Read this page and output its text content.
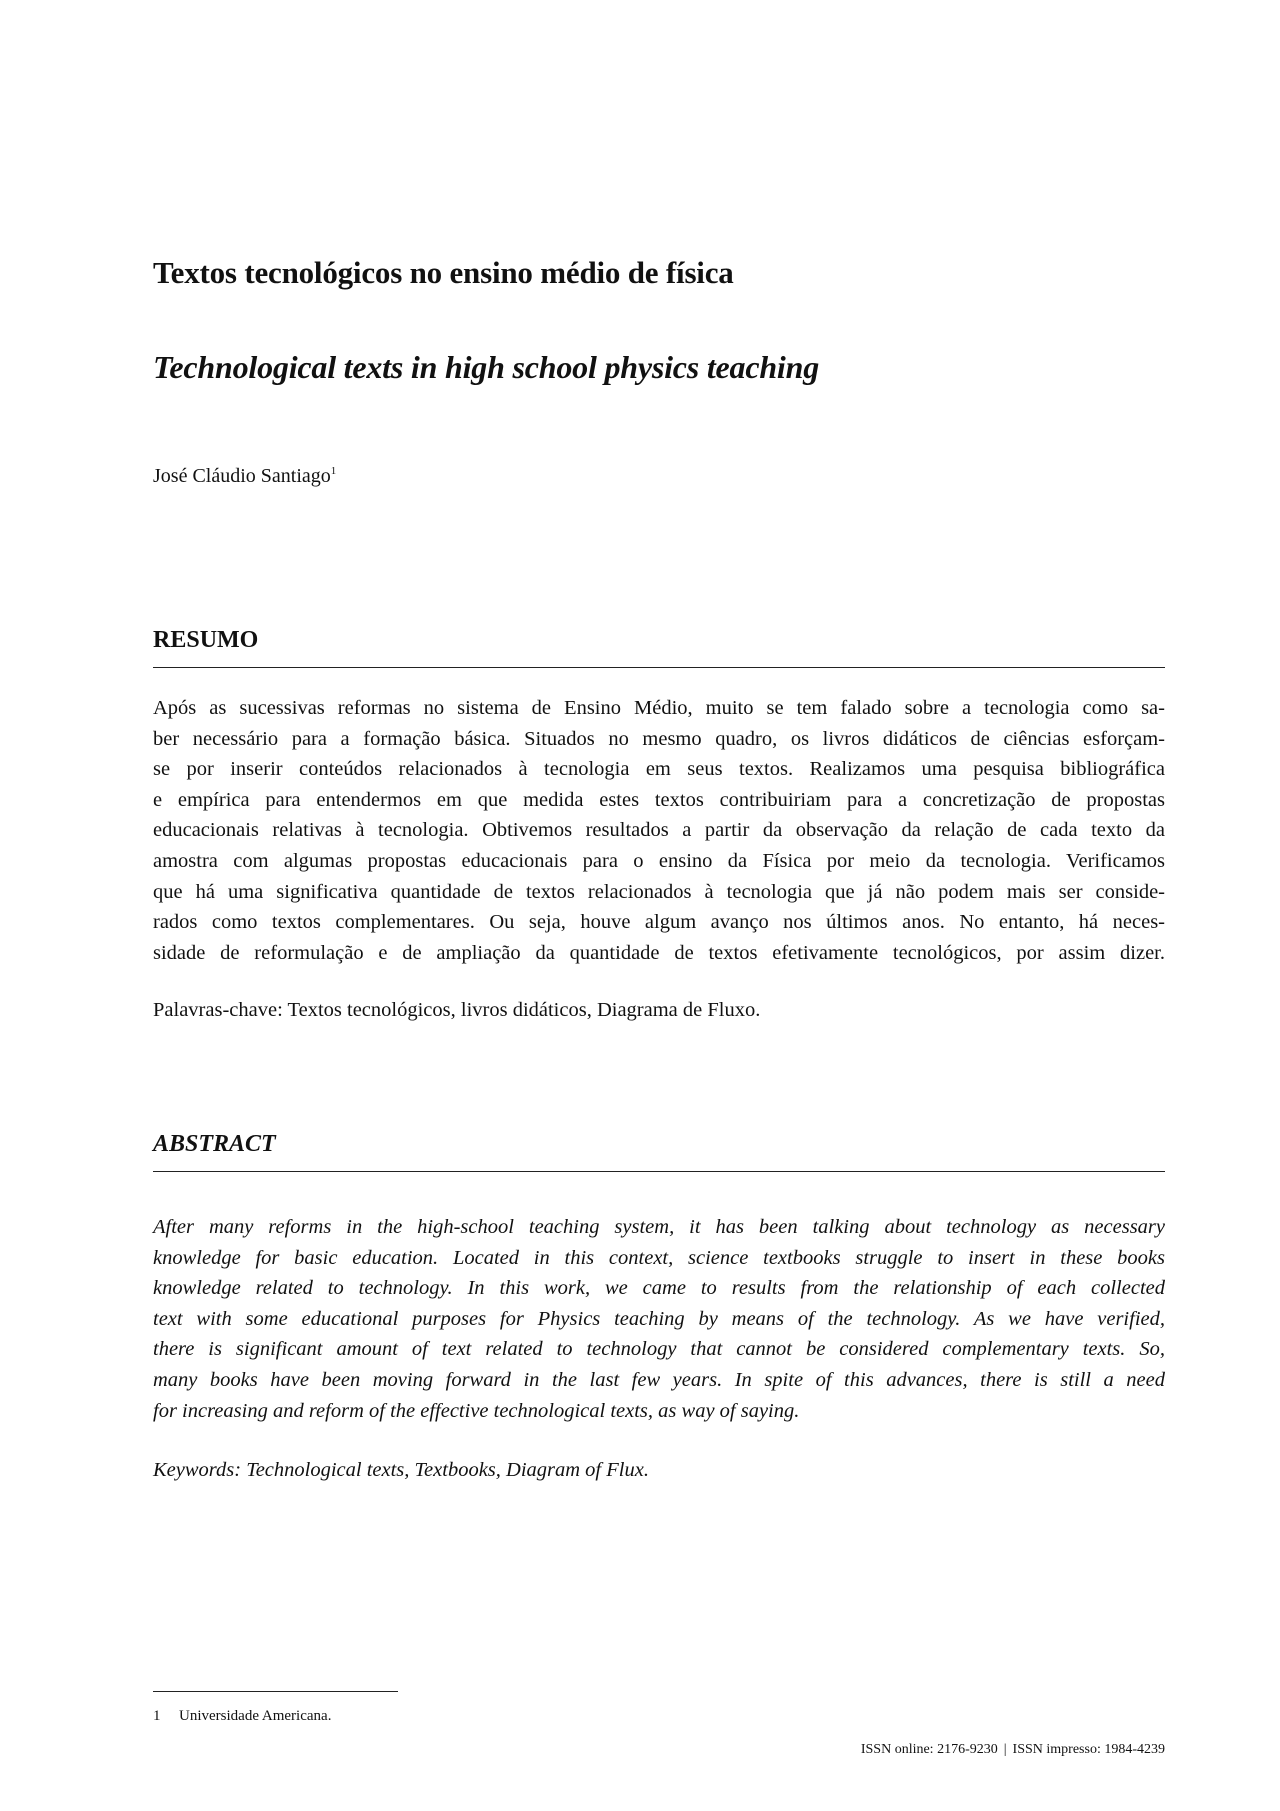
Textos tecnológicos no ensino médio de física
Technological texts in high school physics teaching
José Cláudio Santiago$^1$
RESUMO
Após as sucessivas reformas no sistema de Ensino Médio, muito se tem falado sobre a tecnologia como sa-
ber necessário para a formação básica. Situados no mesmo quadro, os livros didáticos de ciências esforçam-
se por inserir conteúdos relacionados à tecnologia em seus textos. Realizamos uma pesquisa bibliográfica
e empírica para entendermos em que medida estes textos contribuiriam para a concretização de propostas
educacionais relativas à tecnologia. Obtivemos resultados a partir da observação da relação de cada texto da
amostra com algumas propostas educacionais para o ensino da Física por meio da tecnologia. Verificamos
que há uma significativa quantidade de textos relacionados à tecnologia que já não podem mais ser conside-
rados como textos complementares. Ou seja, houve algum avanço nos últimos anos. No entanto, há neces-
sidade de reformulação e de ampliação da quantidade de textos efetivamente tecnológicos, por assim dizer.
Palavras-chave: Textos tecnológicos, livros didáticos, Diagrama de Fluxo.
ABSTRACT
After many reforms in the high-school teaching system, it has been talking about technology as necessary
knowledge for basic education. Located in this context, science textbooks struggle to insert in these books
knowledge related to technology. In this work, we came to results from the relationship of each collected
text with some educational purposes for Physics teaching by means of the technology. As we have verified,
there is significant amount of text related to technology that cannot be considered complementary texts. So,
many books have been moving forward in the last few years. In spite of this advances, there is still a need
for increasing and reform of the effective technological texts, as way of saying.
Keywords: Technological texts, Textbooks, Diagram of Flux.
1 Universidade Americana.
ISSN online: 2176-9230 | ISSN impresso: 1984-4239
